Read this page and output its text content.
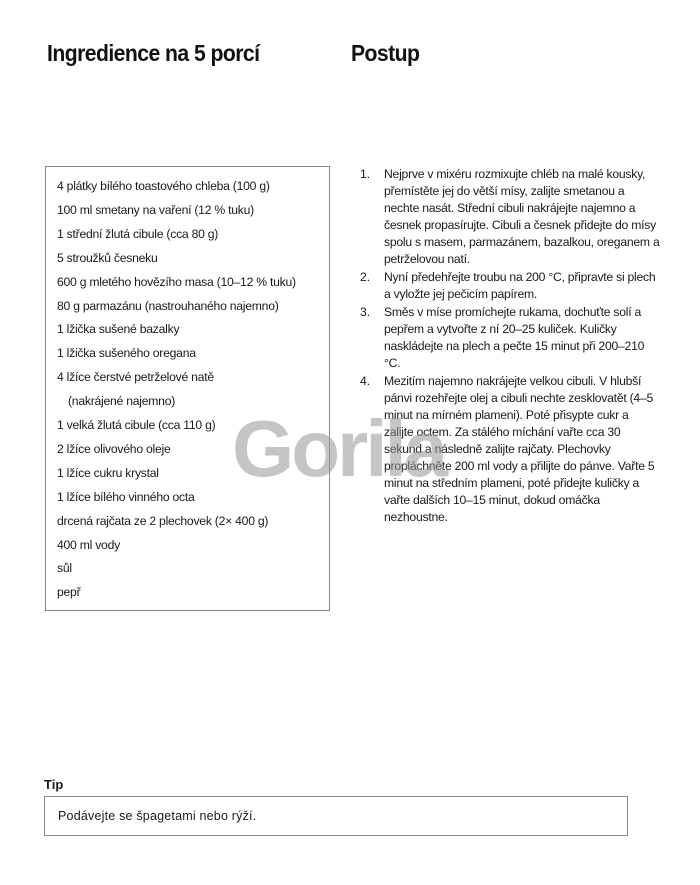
Ingredience na 5 porcí	Postup
4 plátky bílého toastového chleba (100 g)
100 ml smetany na vaření (12 % tuku)
1 střední žlutá cibule (cca 80 g)
5 stroužků česneku
600 g mletého hovězího masa (10–12 % tuku)
80 g parmazánu (nastrouhaného najemno)
1 lžička sušené bazalky
1 lžička sušeného oregana
4 lžíce čerstvé petrželové natě
(nakrájené najemno)
1 velká žlutá cibule (cca 110 g)
2 lžíce olivového oleje
1 lžíce cukru krystal
1 lžíce bílého vinného octa
drcená rajčata ze 2 plechovek (2× 400 g)
400 ml vody
sůl
pepř
1. Nejprve v mixéru rozmixujte chléb na malé kousky, přemístěte jej do větší mísy, zalijte smetanou a nechte nasát. Střední cibuli nakrájejte najemno a česnek propasírujte. Cibuli a česnek přidejte do mísy spolu s masem, parmazánem, bazalkou, oreganem a petrželovou natí.
2. Nyní předehřejte troubu na 200 °C, připravte si plech a vyložte jej pečicím papírem.
3. Směs v míse promíchejte rukama, dochuťte solí a pepřem a vytvořte z ní 20–25 kuliček. Kuličky naskládejte na plech a pečte 15 minut při 200–210 °C.
4. Mezitím najemno nakrájejte velkou cibuli. V hlubší pánvi rozehřejte olej a cibuli nechte zesklovatět (4–5 minut na mírném plameni). Poté přisypte cukr a zalijte octem. Za stálého míchání vařte cca 30 sekund a následně zalijte rajčaty. Plechovky propláchněte 200 ml vody a přilijte do pánve. Vařte 5 minut na středním plameni, poté přidejte kuličky a vařte dalších 10–15 minut, dokud omáčka nezhoustne.
Gorila
Tip
Podávejte se špagetami nebo rýží.
